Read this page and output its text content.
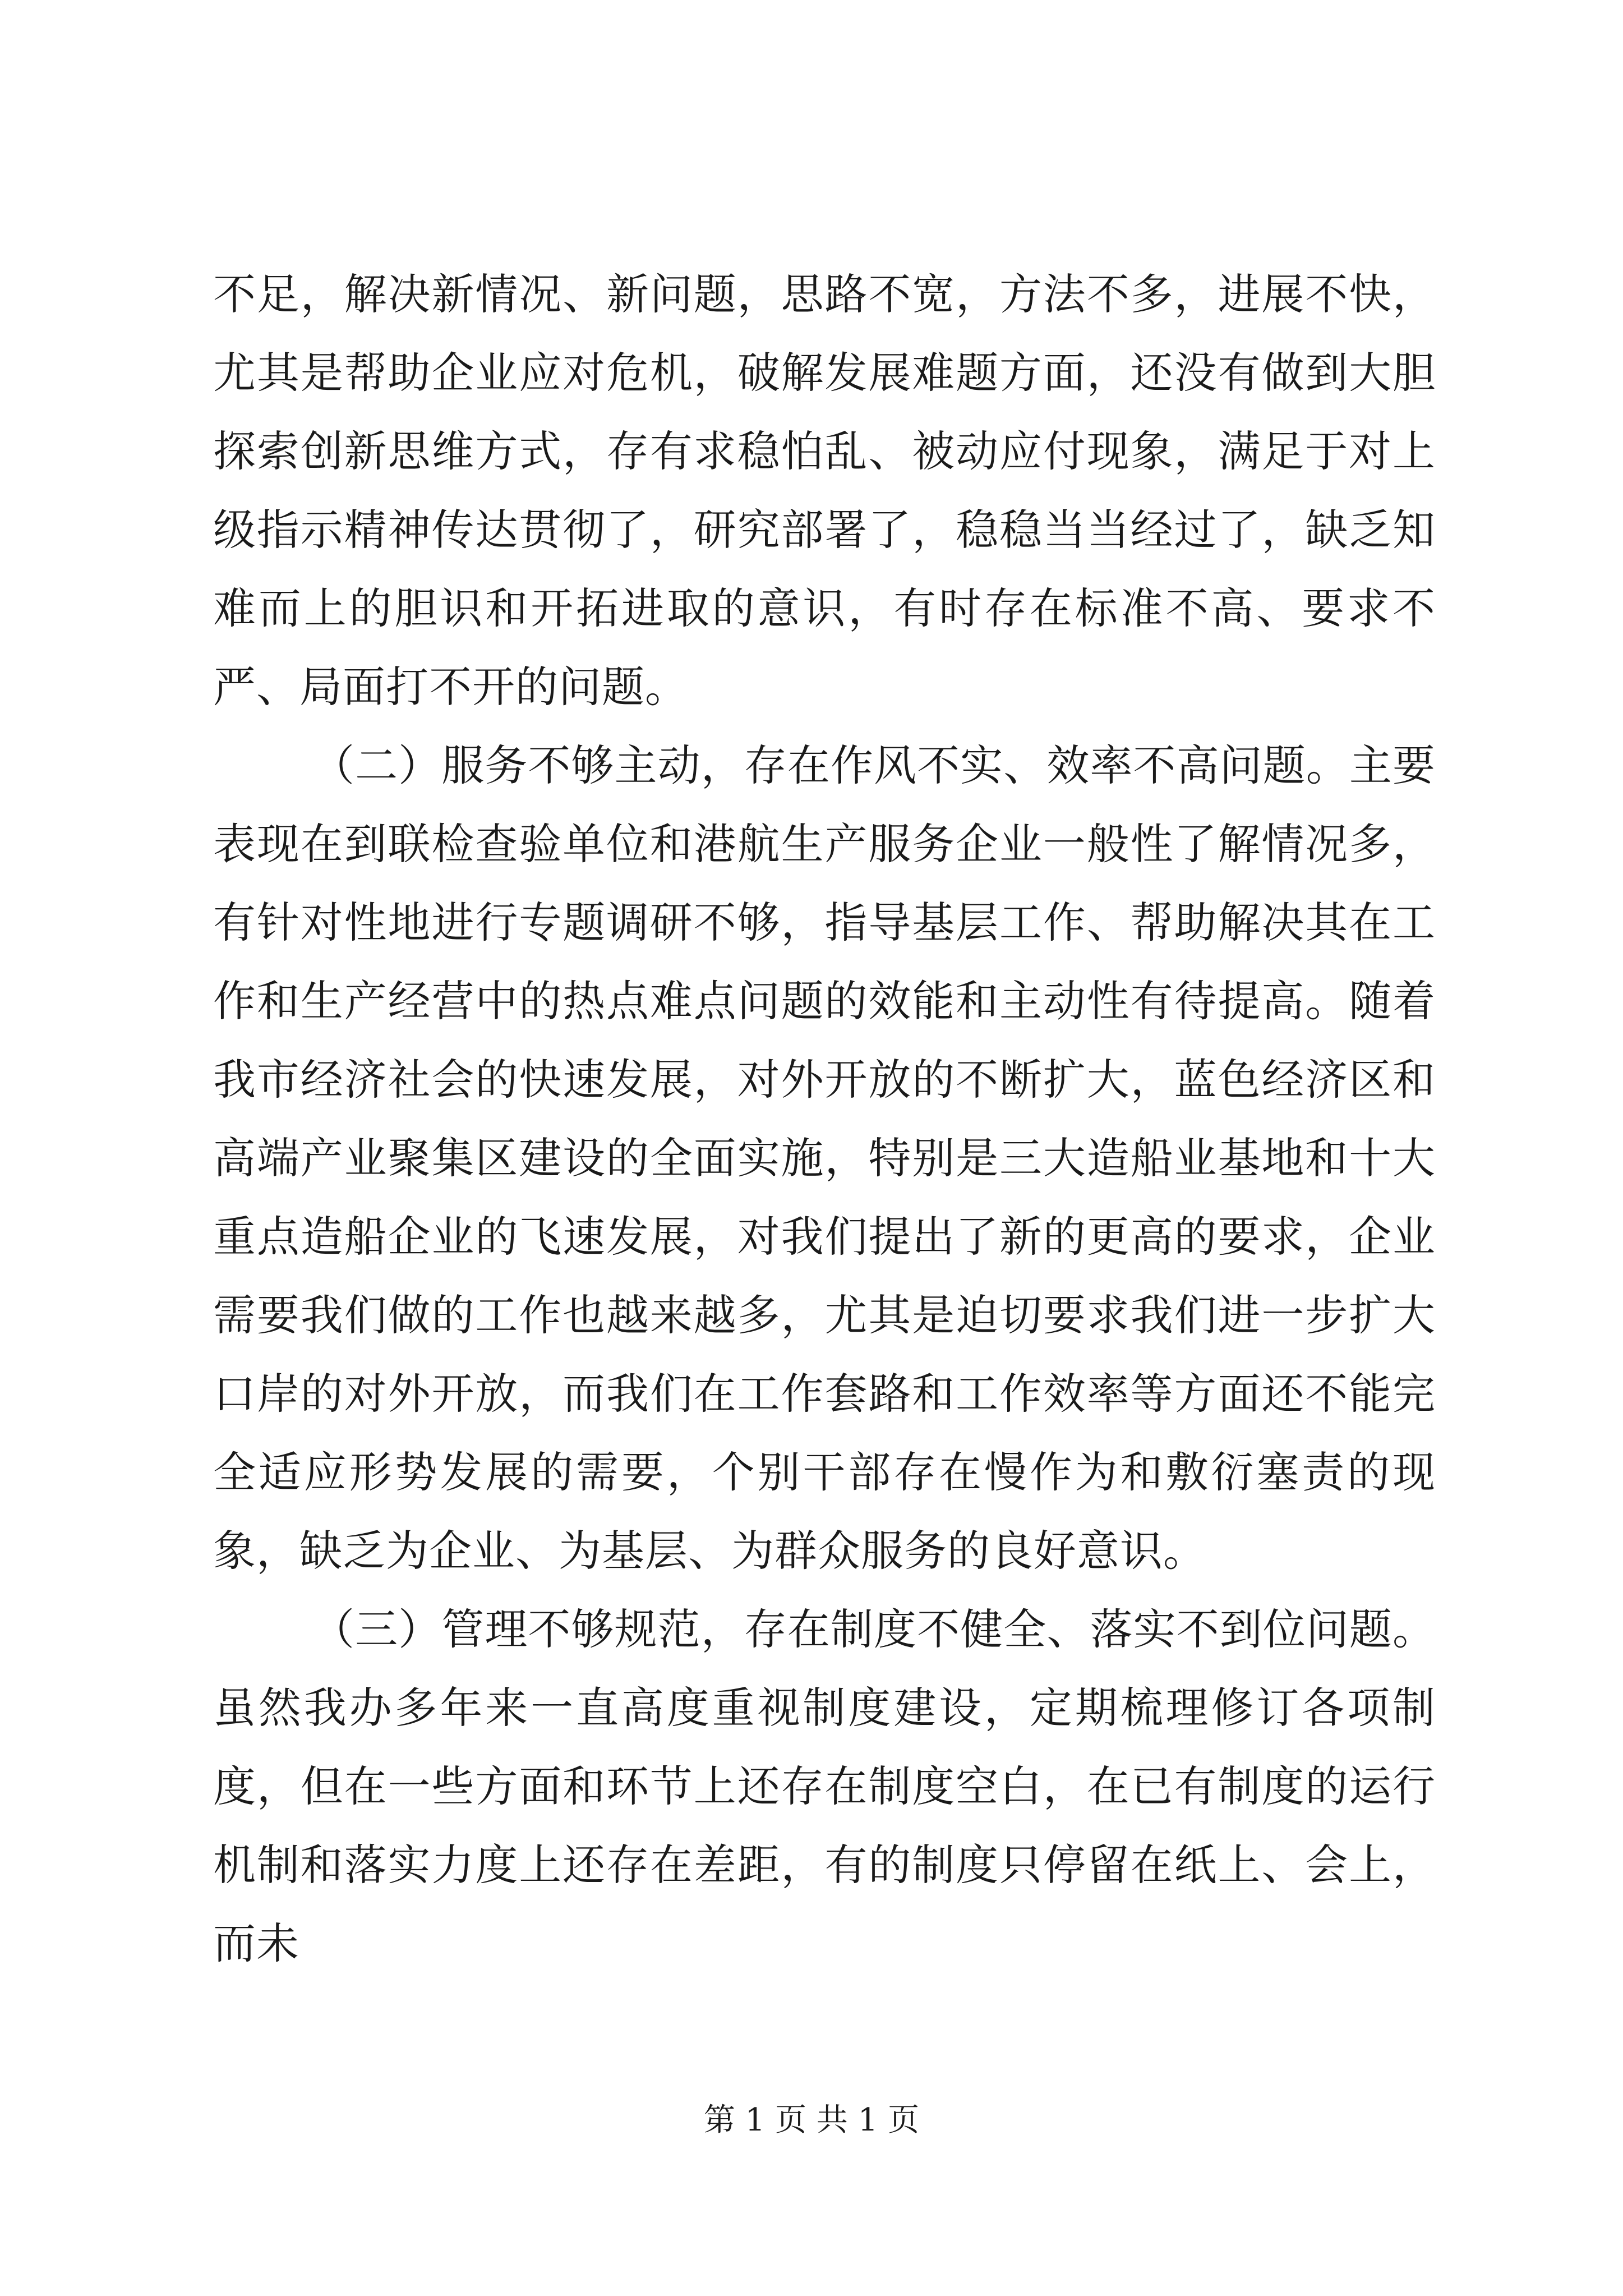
不足，解决新情况、新问题，思路不宽，方法不多，进展不快，尤其是帮助企业应对危机，破解发展难题方面，还没有做到大胆探索创新思维方式，存有求稳怕乱、被动应付现象，满足于对上级指示精神传达贯彻了，研究部署了，稳稳当当经过了，缺乏知难而上的胆识和开拓进取的意识，有时存在标准不高、要求不严、局面打不开的问题。

（二）服务不够主动，存在作风不实、效率不高问题。主要表现在到联检查验单位和港航生产服务企业一般性了解情况多，有针对性地进行专题调研不够，指导基层工作、帮助解决其在工作和生产经营中的热点难点问题的效能和主动性有待提高。随着我市经济社会的快速发展，对外开放的不断扩大，蓝色经济区和高端产业聚集区建设的全面实施，特别是三大造船业基地和十大重点造船企业的飞速发展，对我们提出了新的更高的要求，企业需要我们做的工作也越来越多，尤其是迫切要求我们进一步扩大口岸的对外开放，而我们在工作套路和工作效率等方面还不能完全适应形势发展的需要，个别干部存在慢作为和敷衍塞责的现象，缺乏为企业、为基层、为群众服务的良好意识。

（三）管理不够规范，存在制度不健全、落实不到位问题。虽然我办多年来一直高度重视制度建设，定期梳理修订各项制度，但在一些方面和环节上还存在制度空白，在已有制度的运行机制和落实力度上还存在差距，有的制度只停留在纸上、会上，而未

第 1 页 共 1 页
